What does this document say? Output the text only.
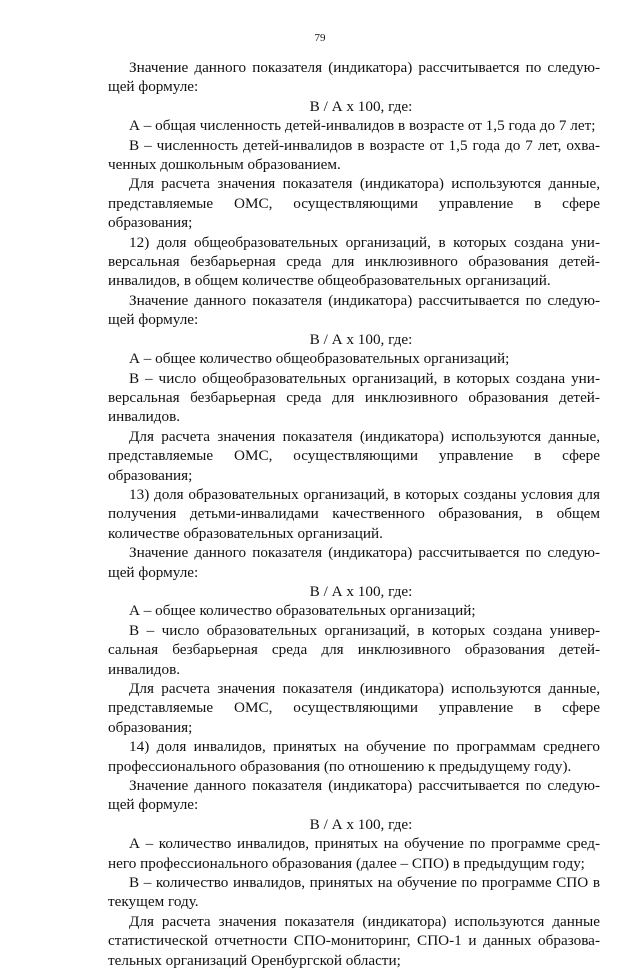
79

Значение данного показателя (индикатора) рассчитывается по следующей формуле:

В / А х 100, где:

А – общая численность детей-инвалидов в возрасте от 1,5 года до 7 лет;

В – численность детей-инвалидов в возрасте от 1,5 года до 7 лет, охваченных дошкольным образованием.

Для расчета значения показателя (индикатора) используются данные, представляемые ОМС, осуществляющими управление в сфере образования;

12) доля общеобразовательных организаций, в которых создана универсальная безбарьерная среда для инклюзивного образования детей-инвалидов, в общем количестве общеобразовательных организаций.

Значение данного показателя (индикатора) рассчитывается по следующей формуле:

В / А х 100, где:

А – общее количество общеобразовательных организаций;

В – число общеобразовательных организаций, в которых создана универсальная безбарьерная среда для инклюзивного образования детей-инвалидов.

Для расчета значения показателя (индикатора) используются данные, представляемые ОМС, осуществляющими управление в сфере образования;

13) доля образовательных организаций, в которых созданы условия для получения детьми-инвалидами качественного образования, в общем количестве образовательных организаций.

Значение данного показателя (индикатора) рассчитывается по следующей формуле:

В / А х 100, где:

А – общее количество образовательных организаций;

В – число образовательных организаций, в которых создана универсальная безбарьерная среда для инклюзивного образования детей-инвалидов.

Для расчета значения показателя (индикатора) используются данные, представляемые ОМС, осуществляющими управление в сфере образования;

14) доля инвалидов, принятых на обучение по программам среднего профессионального образования (по отношению к предыдущему году).

Значение данного показателя (индикатора) рассчитывается по следующей формуле:

В / А х 100, где:

А – количество инвалидов, принятых на обучение по программе среднего профессионального образования (далее – СПО) в предыдущим году;

В – количество инвалидов, принятых на обучение по программе СПО в текущем году.

Для расчета значения показателя (индикатора) используются данные статистической отчетности СПО-мониторинг, СПО-1 и данных образовательных организаций Оренбургской области;
